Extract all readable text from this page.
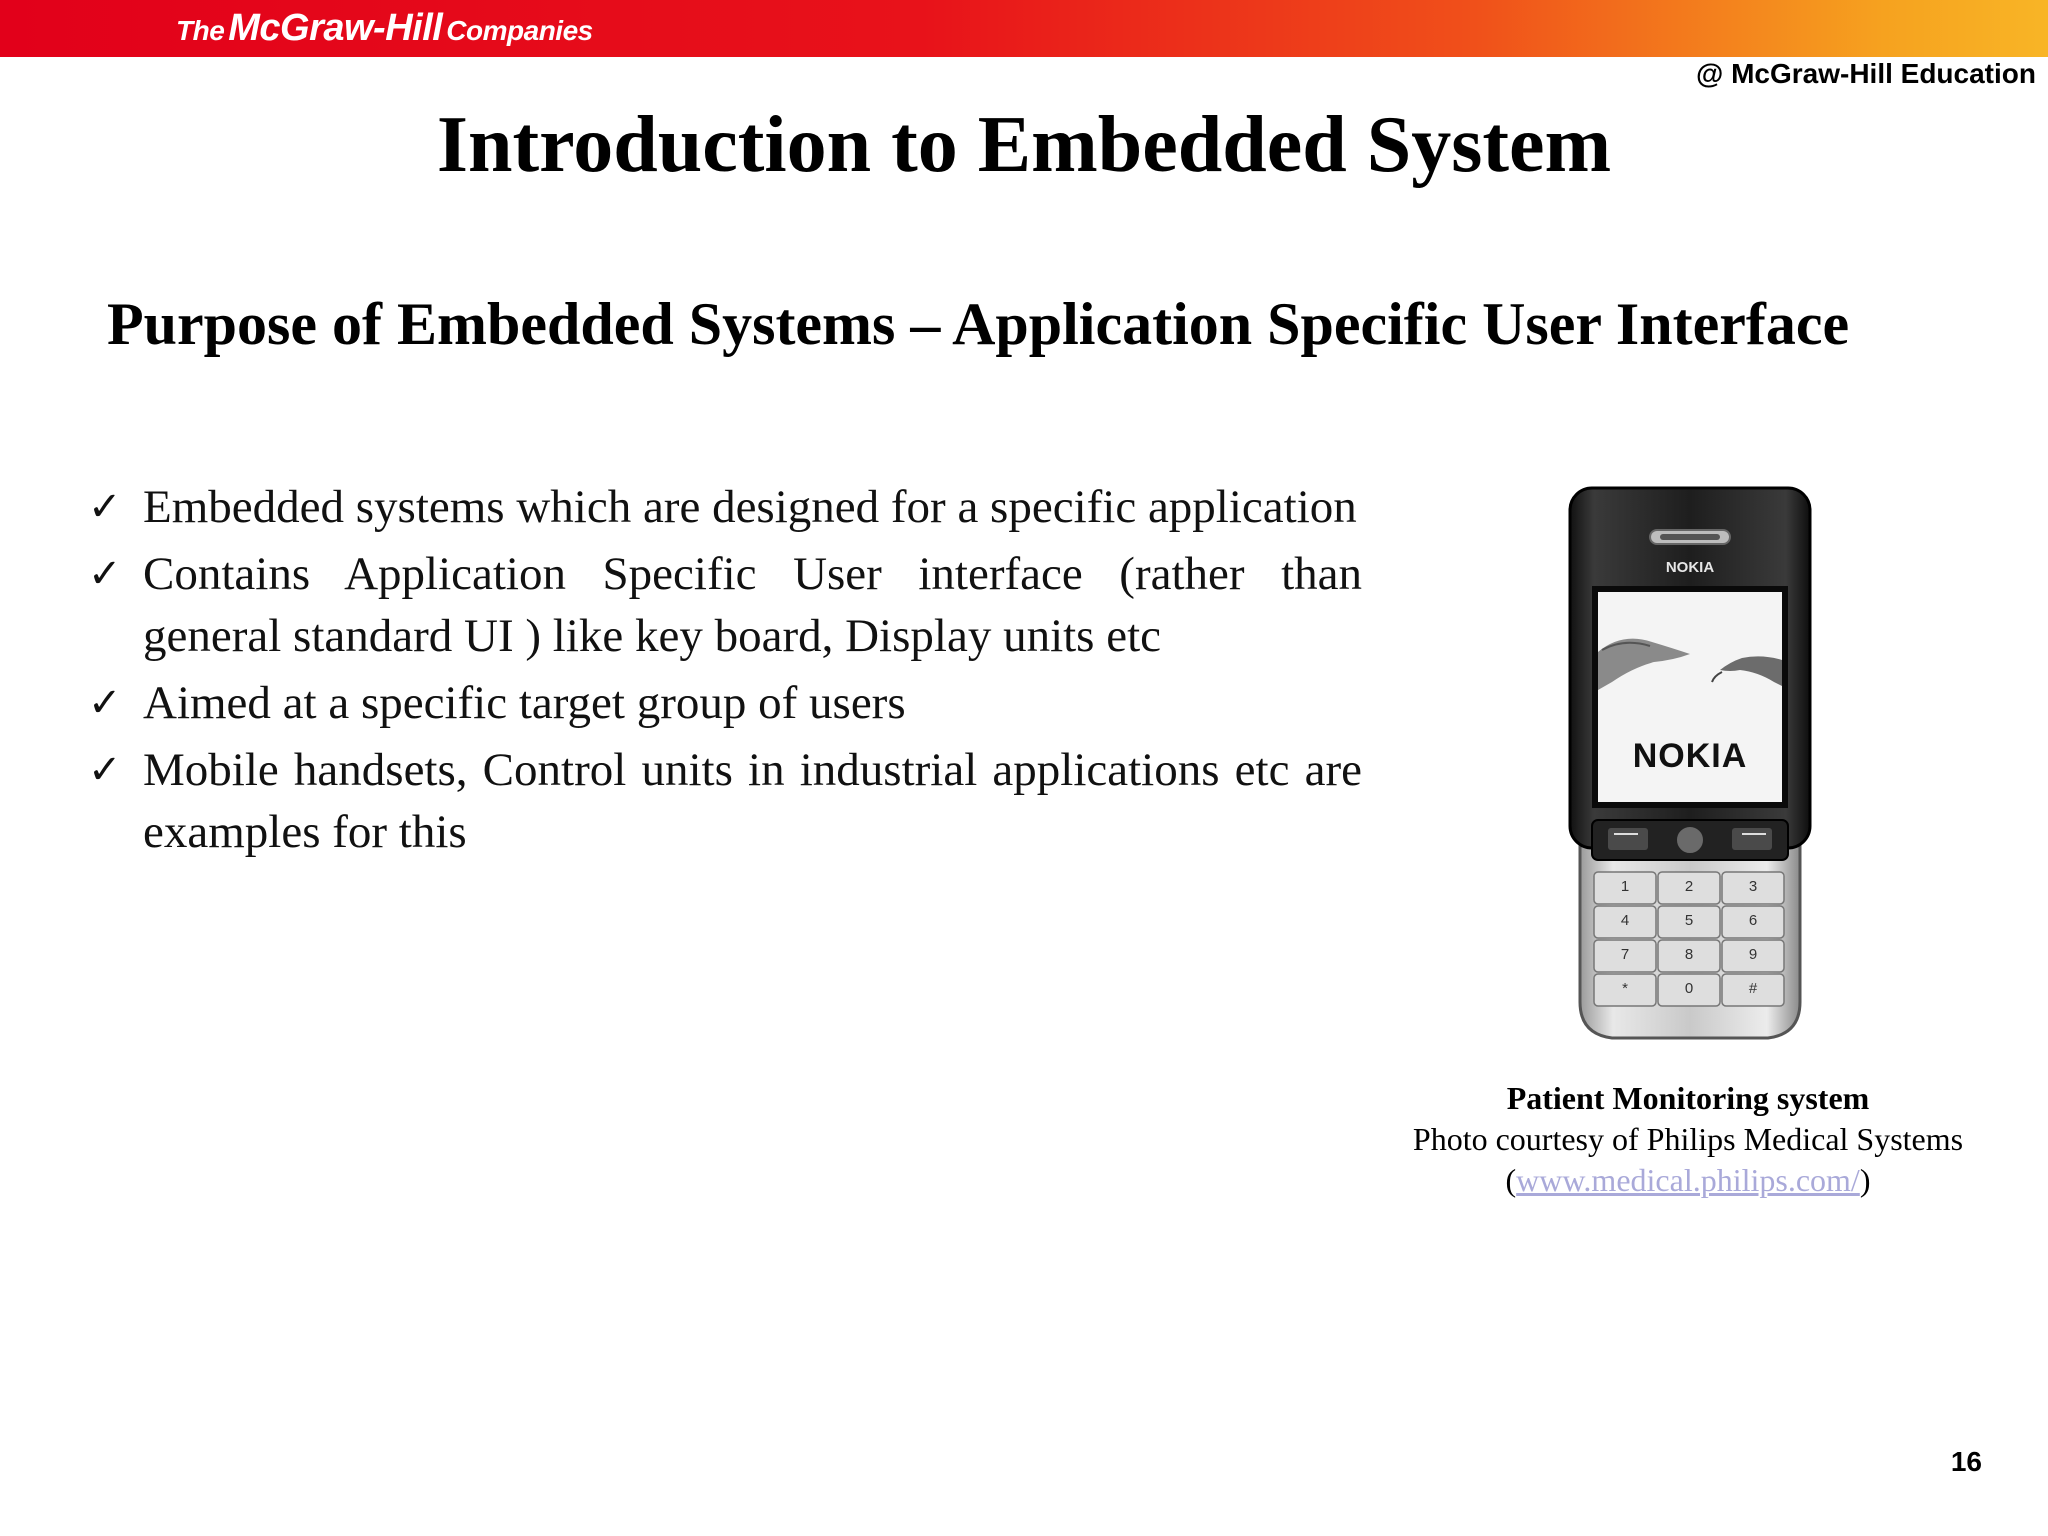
The McGraw-Hill Companies
@ McGraw-Hill Education
Introduction to Embedded System
Purpose of Embedded Systems – Application Specific User Interface
✓ Embedded systems which are designed for a specific application
✓ Contains Application Specific User interface (rather than general standard UI ) like key board, Display units etc
✓ Aimed at a specific target group of users
✓ Mobile handsets, Control units in industrial applications etc are examples for this
NOKIA
NOKIA
1	2	3
4	5	6
7	8	9
*	0	#
Patient Monitoring system
Photo courtesy of Philips Medical Systems
(www.medical.philips.com/)
16
